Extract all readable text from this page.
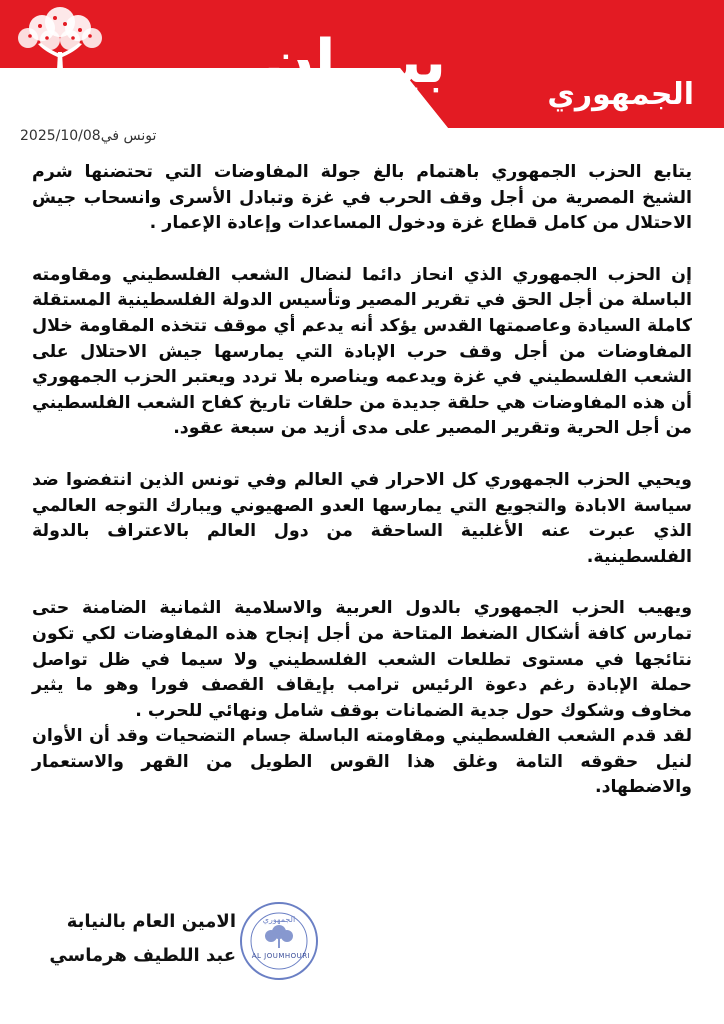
بيـــان	الجمهوري
تونس في2025/10/08

يتابع الحزب الجمهوري باهتمام بالغ جولة المفاوضات التي تحتضنها شرم الشيخ المصرية من أجل وقف الحرب في غزة وتبادل الأسرى وانسحاب جيش الاحتلال من كامل قطاع غزة ودخول المساعدات وإعادة الإعمار .

إن الحزب الجمهوري الذي انحاز دائما لنضال الشعب الفلسطيني ومقاومته الباسلة من أجل الحق في تقرير المصير وتأسيس الدولة الفلسطينية المستقلة كاملة السيادة وعاصمتها القدس يؤكد أنه يدعم أي موقف تتخذه المقاومة خلال المفاوضات من أجل وقف حرب الإبادة التي يمارسها جيش الاحتلال على الشعب الفلسطيني في غزة ويدعمه ويناصره بلا تردد ويعتبر الحزب الجمهوري أن هذه المفاوضات هي حلقة جديدة من حلقات تاريخ كفاح الشعب الفلسطيني من أجل الحرية وتقرير المصير على مدى أزيد من سبعة عقود.

ويحيي الحزب الجمهوري كل الاحرار في العالم وفي تونس الذين انتفضوا ضد سياسة الابادة والتجويع التي يمارسها العدو الصهيوني ويبارك التوجه العالمي الذي عبرت عنه الأغلبية الساحقة من دول العالم بالاعتراف بالدولة الفلسطينية.

ويهيب الحزب الجمهوري بالدول العربية والاسلامية الثمانية الضامنة حتى تمارس كافة أشكال الضغط المتاحة من أجل إنجاح هذه المفاوضات لكي تكون نتائجها في مستوى تطلعات الشعب الفلسطيني ولا سيما في ظل تواصل حملة الإبادة رغم دعوة الرئيس ترامب بإيقاف القصف فورا وهو ما يثير مخاوف وشكوك حول جدية الضمانات بوقف شامل ونهائي للحرب .

لقد قدم الشعب الفلسطيني ومقاومته الباسلة جسام التضحيات وقد أن الأوان لنيل حقوقه التامة وغلق هذا القوس الطويل من القهر والاستعمار والاضطهاد.

الجمهوري
AL JOUMHOURI
الامين العام بالنيابة
عبد اللطيف هرماسي
